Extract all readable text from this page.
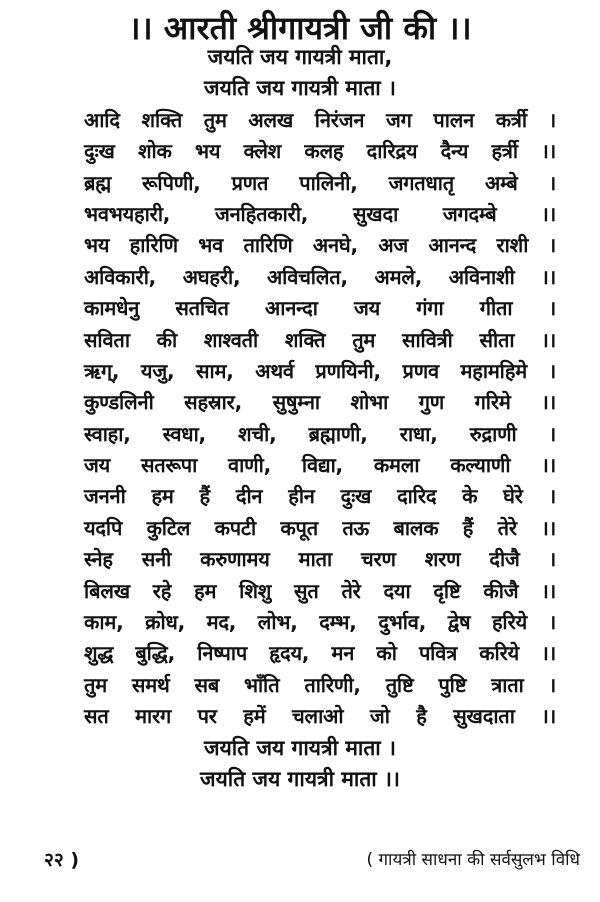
।। आरती श्रीगायत्री जी की ।।
जयति जय गायत्री माता,
जयति जय गायत्री माता ।
आदि शक्ति तुम अलख निरंजन जग पालन कर्त्री ।
दुःख शोक भय क्लेश कलह दारिद्रय दैन्य हर्त्री ।।
ब्रह्म रूपिणी, प्रणत पालिनी, जगतधातृ अम्बे ।
भवभयहारी, जनहितकारी, सुखदा जगदम्बे ।।
भय हारिणि भव तारिणि अनघे, अज आनन्द राशी ।
अविकारी, अघहरी, अविचलित, अमले, अविनाशी ।।
कामधेनु सतचित आनन्दा जय गंगा गीता ।
सविता की शाश्वती शक्ति तुम सावित्री सीता ।।
ऋग्, यजु, साम, अथर्व प्रणयिनी, प्रणव महामहिमे ।
कुण्डलिनी सहस्रार, सुषुम्ना शोभा गुण गरिमे ।।
स्वाहा, स्वधा, शची, ब्रह्माणी, राधा, रुद्राणी ।
जय सतरूपा वाणी, विद्या, कमला कल्याणी ।।
जननी हम हैं दीन हीन दुःख दारिद के घेरे ।
यदपि कुटिल कपटी कपूत तऊ बालक हैं तेरे ।।
स्नेह सनी करुणामय माता चरण शरण दीजै ।
बिलख रहे हम शिशु सुत तेरे दया दृष्टि कीजै ।।
काम, क्रोध, मद, लोभ, दम्भ, दुर्भाव, द्वेष हरिये ।
शुद्ध बुद्धि, निष्पाप हृदय, मन को पवित्र करिये ।।
तुम समर्थ सब भाँति तारिणी, तुष्टि पुष्टि त्राता ।
सत मारग पर हमें चलाओ जो है सुखदाता ।।
जयति जय गायत्री माता ।
जयति जय गायत्री माता ।।
२२ )	( गायत्री साधना की सर्वसुलभ विधि
